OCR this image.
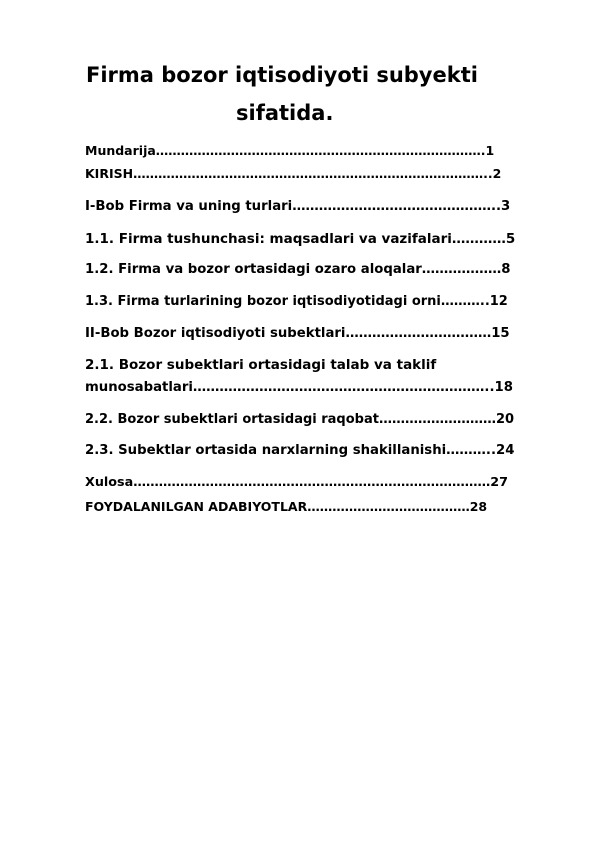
Firma bozor iqtisodiyoti subyekti
sifatida.
Mundarija…………………………………………………………………….1
KIRISH…………………………………………………………………………..2
I-Bob Firma va uning turlari………………………………………..3
1.1. Firma tushunchasi: maqsadlari va vazifalari…………5
1.2. Firma va bozor ortasidagi ozaro aloqalar………………8
1.3. Firma turlarining bozor iqtisodiyotidagi orni………..12
II-Bob Bozor iqtisodiyoti subektlari……………………………15
2.1. Bozor subektlari ortasidagi talab va taklif
munosabatlari…………………………………………………………..18
2.2. Bozor subektlari ortasidagi raqobat………………………20
2.3. Subektlar ortasida narxlarning shakillanishi………..24
Xulosa…………………………………………………………………………27
FOYDALANILGAN ADABIYOTLAR…………………………………28
